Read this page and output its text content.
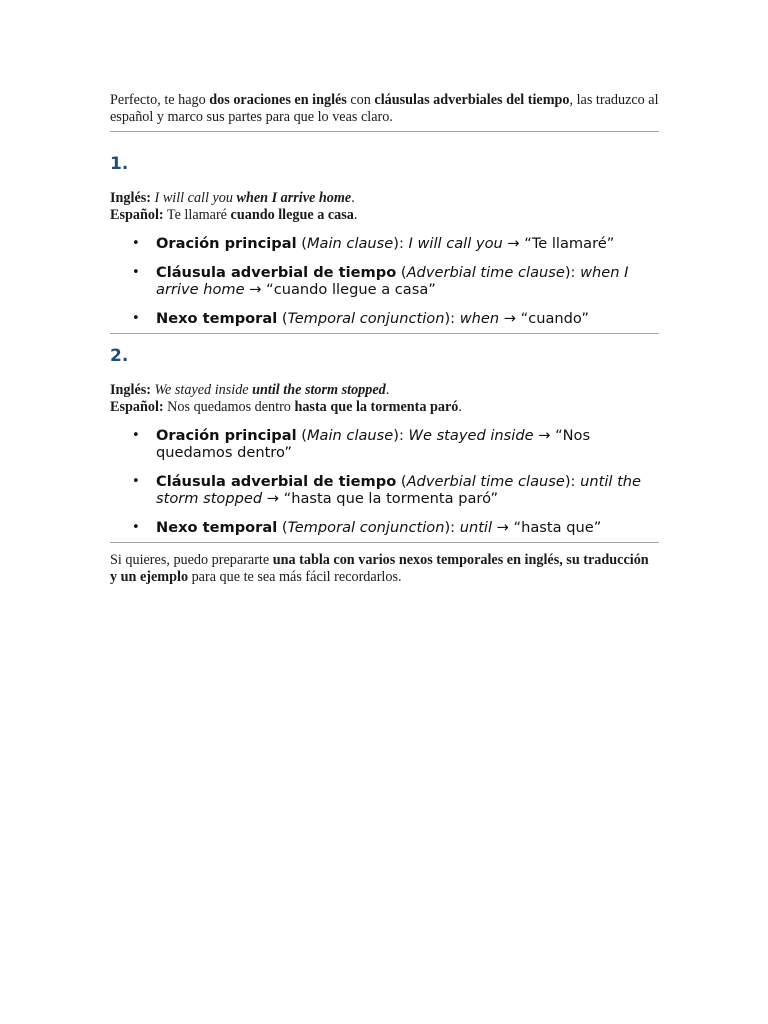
Perfecto, te hago dos oraciones en inglés con cláusulas adverbiales del tiempo, las traduzco al español y marco sus partes para que lo veas claro.

1.

Inglés: I will call you when I arrive home.
Español: Te llamaré cuando llegue a casa.

• Oración principal (Main clause): I will call you → “Te llamaré”
• Cláusula adverbial de tiempo (Adverbial time clause): when I arrive home → “cuando llegue a casa”
• Nexo temporal (Temporal conjunction): when → “cuando”
2.

Inglés: We stayed inside until the storm stopped.
Español: Nos quedamos dentro hasta que la tormenta paró.

• Oración principal (Main clause): We stayed inside → “Nos quedamos dentro”
• Cláusula adverbial de tiempo (Adverbial time clause): until the storm stopped → “hasta que la tormenta paró”
• Nexo temporal (Temporal conjunction): until → “hasta que”

Si quieres, puedo prepararte una tabla con varios nexos temporales en inglés, su traducción y un ejemplo para que te sea más fácil recordarlos.
